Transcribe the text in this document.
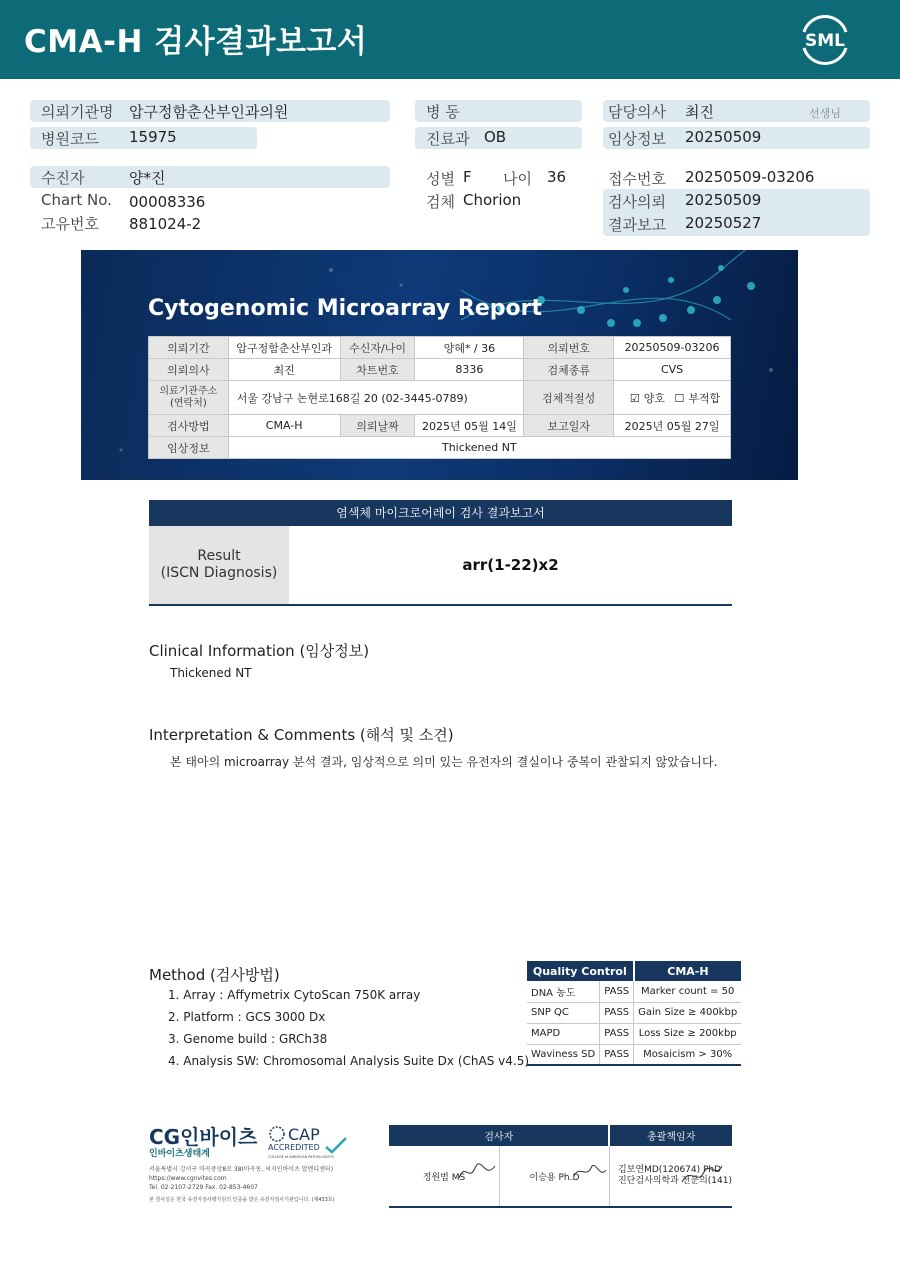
CMA-H 검사결과보고서	SML
의뢰기관명 압구정함춘산부인과의원
병원코드 15975
병 동
진료과 OB
담당의사 최진	선생님
임상정보 20250509
수진자	양*진
Chart No. 00008336
고유번호 881024-2
성별 F 나이 36
검체 Chorion
접수번호 20250509-03206
검사의뢰 20250509
결과보고 20250527
Cytogenomic Microarray Report
의뢰기간	압구정함춘산부인과	수신자/나이	양혜* / 36	의뢰번호	20250509-03206
의뢰의사	최진	차트번호	8336	검체종류	CVS
의료기관주소
(연락처)	서울 강남구 논현로168길 20 (02-3445-0789)			검체적절성	☑ 양호 ☐ 부적합
검사방법	CMA-H	의뢰날짜	2025년 05월 14일	보고일자	2025년 05월 27일
임상정보	Thickened NT				
염색체 마이크로어레이 검사 결과보고서
Result
(ISCN Diagnosis)	arr(1-22)x2
Clinical Information (임상정보)
Thickened NT
Interpretation & Comments (해석 및 소견)
본 태아의 microarray 분석 결과, 임상적으로 의미 있는 유전자의 결실이나 중복이 관찰되지 않았습니다.
Method (검사방법)
1. Array : Affymetrix CytoScan 750K array
2. Platform : GCS 3000 Dx
3. Genome build : GRCh38
4. Analysis SW: Chromosomal Analysis Suite Dx (ChAS v4.5)
Quality Control		CMA-H
DNA 농도	PASS	Marker count = 50
SNP QC	PASS	Gain Size ≥ 400kbp
MAPD	PASS	Loss Size ≥ 200kbp
Waviness SD	PASS	Mosaicism > 30%
CG인바이츠
인바이츠생태계
CAP
ACCREDITED
COLLEGE of AMERICAN PATHOLOGISTS
서울특별시 강서구 마곡중앙8로 38(마곡동, 씨지인바이츠 알엔디센터)
https://www.cgnvites.com
Tel. 02-2107-2729 Fax. 02-853-4607
본 검사실은 한국 유전자검사평가원의 인증을 받은 유전자검사기관입니다. (제433호)
검사자		총괄책임자
정원범 MS	이승용 Ph.D	김보연MD(120674) PhD
진단검사의학과 전문의(141)
